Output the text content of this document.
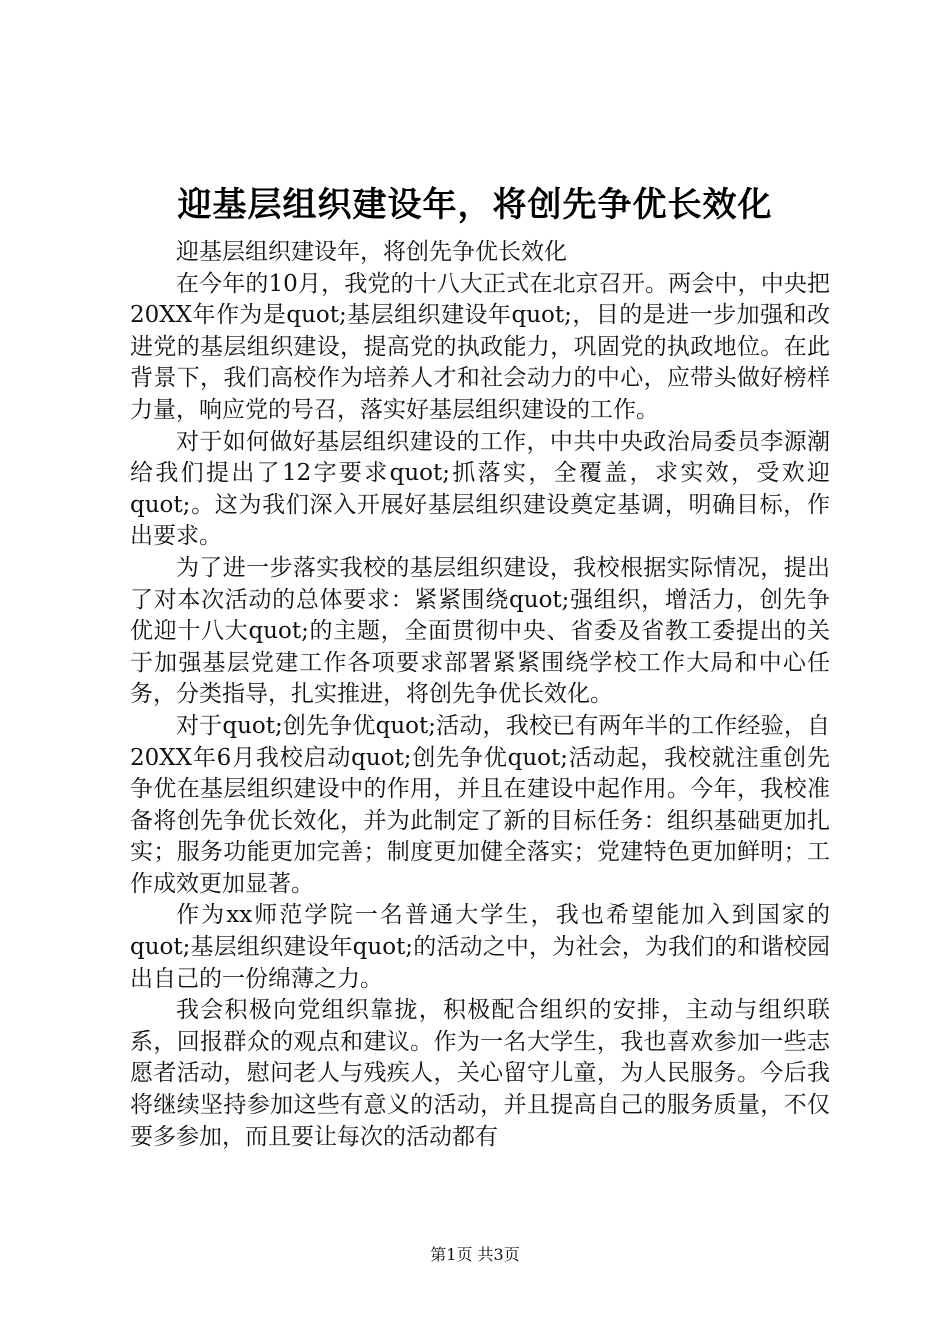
迎基层组织建设年，将创先争优长效化

迎基层组织建设年，将创先争优长效化

在今年的10月，我党的十八大正式在北京召开。两会中，中央把20XX年作为是quot;基层组织建设年quot;，目的是进一步加强和改进党的基层组织建设，提高党的执政能力，巩固党的执政地位。在此背景下，我们高校作为培养人才和社会动力的中心，应带头做好榜样力量，响应党的号召，落实好基层组织建设的工作。

对于如何做好基层组织建设的工作，中共中央政治局委员李源潮给我们提出了12字要求quot;抓落实，全覆盖，求实效，受欢迎quot;。这为我们深入开展好基层组织建设奠定基调，明确目标，作出要求。

为了进一步落实我校的基层组织建设，我校根据实际情况，提出了对本次活动的总体要求：紧紧围绕quot;强组织，增活力，创先争优迎十八大quot;的主题，全面贯彻中央、省委及省教工委提出的关于加强基层党建工作各项要求部署紧紧围绕学校工作大局和中心任务，分类指导，扎实推进，将创先争优长效化。

对于quot;创先争优quot;活动，我校已有两年半的工作经验，自20XX年6月我校启动quot;创先争优quot;活动起，我校就注重创先争优在基层组织建设中的作用，并且在建设中起作用。今年，我校准备将创先争优长效化，并为此制定了新的目标任务：组织基础更加扎实；服务功能更加完善；制度更加健全落实；党建特色更加鲜明；工作成效更加显著。

作为xx师范学院一名普通大学生，我也希望能加入到国家的quot;基层组织建设年quot;的活动之中，为社会，为我们的和谐校园出自己的一份绵薄之力。

我会积极向党组织靠拢，积极配合组织的安排，主动与组织联系，回报群众的观点和建议。作为一名大学生，我也喜欢参加一些志愿者活动，慰问老人与残疾人，关心留守儿童，为人民服务。今后我将继续坚持参加这些有意义的活动，并且提高自己的服务质量，不仅要多参加，而且要让每次的活动都有

第1页 共3页
